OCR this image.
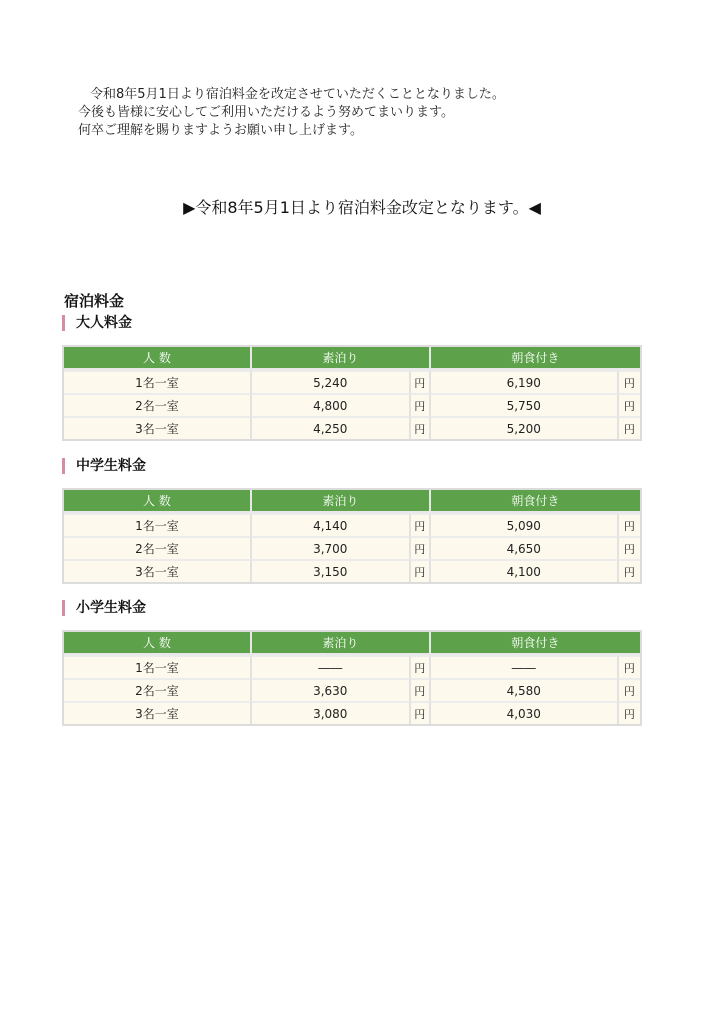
令和8年5月1日より宿泊料金を改定させていただくこととなりました。

今後も皆様に安心してご利用いただけるよう努めてまいります。

何卒ご理解を賜りますようお願い申し上げます。

▶令和8年5月1日より宿泊料金改定となります。◀
宿泊料金
大人料金
人 数	素泊り		朝食付き	
1名一室	5,240	円	6,190	円
2名一室	4,800	円	5,750	円
3名一室	4,250	円	5,200	円
中学生料金
人 数	素泊り		朝食付き	
1名一室	4,140	円	5,090	円
2名一室	3,700	円	4,650	円
3名一室	3,150	円	4,100	円
小学生料金
人 数	素泊り		朝食付き	
1名一室	――	円	――	円
2名一室	3,630	円	4,580	円
3名一室	3,080	円	4,030	円
